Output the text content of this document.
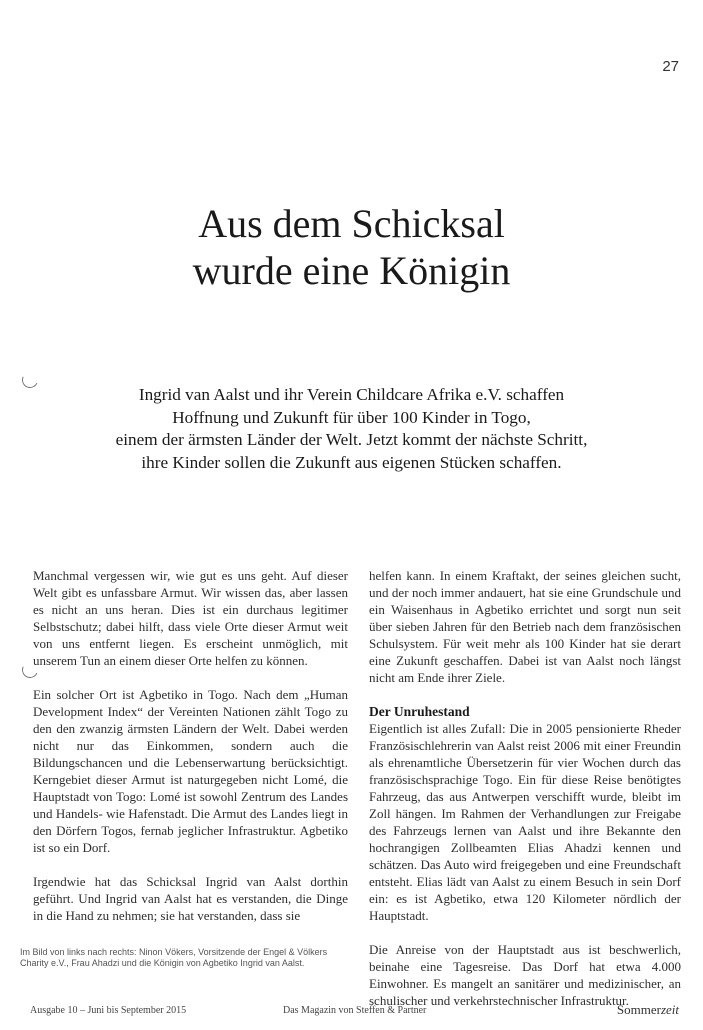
27
Aus dem Schicksal
wurde eine Königin
Ingrid van Aalst und ihr Verein Childcare Afrika e.V. schaffen
Hoffnung und Zukunft für über 100 Kinder in Togo,
einem der ärmsten Länder der Welt. Jetzt kommt der nächste Schritt,
ihre Kinder sollen die Zukunft aus eigenen Stücken schaffen.

Manchmal vergessen wir, wie gut es uns geht. Auf dieser Welt gibt es unfassbare Armut. Wir wissen das, aber lassen es nicht an uns heran. Dies ist ein durchaus legitimer Selbstschutz; dabei hilft, dass viele Orte dieser Armut weit von uns entfernt liegen. Es erscheint unmöglich, mit unserem Tun an einem dieser Orte helfen zu können.

Ein solcher Ort ist Agbetiko in Togo. Nach dem „Human Development Index“ der Vereinten Nationen zählt Togo zu den den zwanzig ärmsten Ländern der Welt. Dabei werden nicht nur das Einkommen, sondern auch die Bildungschancen und die Lebenserwartung berücksichtigt. Kerngebiet dieser Armut ist naturgegeben nicht Lomé, die Hauptstadt von Togo: Lomé ist sowohl Zentrum des Landes und Handels- wie Hafenstadt. Die Armut des Landes liegt in den Dörfern Togos, fernab jeglicher Infrastruktur. Agbetiko ist so ein Dorf.

Irgendwie hat das Schicksal Ingrid van Aalst dorthin geführt. Und Ingrid van Aalst hat es verstanden, die Dinge in die Hand zu nehmen; sie hat verstanden, dass sie

helfen kann. In einem Kraftakt, der seines gleichen sucht, und der noch immer andauert, hat sie eine Grundschule und ein Waisenhaus in Agbetiko errichtet und sorgt nun seit über sieben Jahren für den Betrieb nach dem französischen Schulsystem. Für weit mehr als 100 Kinder hat sie derart eine Zukunft geschaffen. Dabei ist van Aalst noch längst nicht am Ende ihrer Ziele.

Der Unruhestand

Eigentlich ist alles Zufall: Die in 2005 pensionierte Rheder Französischlehrerin van Aalst reist 2006 mit einer Freundin als ehrenamtliche Übersetzerin für vier Wochen durch das französischsprachige Togo. Ein für diese Reise benötigtes Fahrzeug, das aus Antwerpen verschifft wurde, bleibt im Zoll hängen. Im Rahmen der Verhandlungen zur Freigabe des Fahrzeugs lernen van Aalst und ihre Bekannte den hochrangigen Zollbeamten Elias Ahadzi kennen und schätzen. Das Auto wird freigegeben und eine Freundschaft entsteht. Elias lädt van Aalst zu einem Besuch in sein Dorf ein: es ist Agbetiko, etwa 120 Kilometer nördlich der Hauptstadt.

Die Anreise von der Hauptstadt aus ist beschwerlich, beinahe eine Tagesreise. Das Dorf hat etwa 4.000 Einwohner. Es mangelt an sanitärer und medizinischer, an schulischer und verkehrstechnischer Infrastruktur.

Im Bild von links nach rechts: Ninon Vökers, Vorsitzende der Engel & Völkers Charity e.V., Frau Ahadzi und die Königin von Agbetiko Ingrid van Aalst.
Ausgabe 10 – Juni bis September 2015	Das Magazin von Steffen & Partner	Sommerzeit
